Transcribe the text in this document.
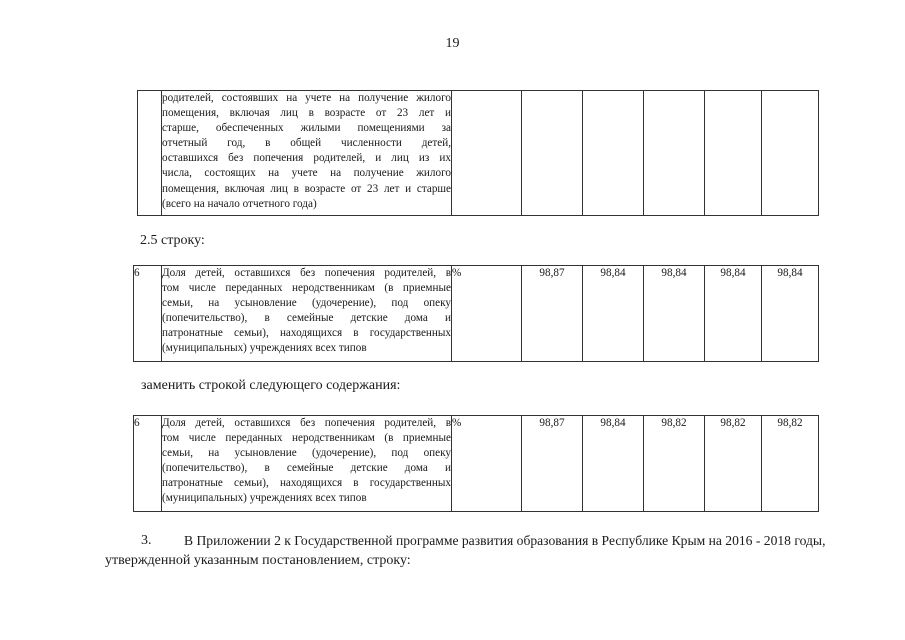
19

родителей, состоявших на учете на получение жилого
помещения, включая лиц в возрасте от 23 лет и
старше, обеспеченных жилыми помещениями за
отчетный год, в общей численности детей,
оставшихся без попечения родителей, и лиц из их
числа, состоящих на учете на получение жилого
помещения, включая лиц в возрасте от 23 лет и старше
(всего на начало отчетного года)

2.5 строку:
6	Доля детей, оставшихся без попечения родителей, в
том числе переданных неродственникам (в приемные
семьи, на усыновление (удочерение), под опеку
(попечительство), в семейные детские дома и
патронатные семьи), находящихся в государственных
(муниципальных) учреждениях всех типов
	%	98,87	98,84	98,84	98,84	98,84
заменить строкой следующего содержания:
6	Доля детей, оставшихся без попечения родителей, в
том числе переданных неродственникам (в приемные
семьи, на усыновление (удочерение), под опеку
(попечительство), в семейные детские дома и
патронатные семьи), находящихся в государственных
(муниципальных) учреждениях всех типов
	%	98,87	98,84	98,82	98,82	98,82
3. В Приложении 2 к Государственной программе развития образования в Республике Крым на 2016 - 2018 годы,
утвержденной указанным постановлением, строку:
